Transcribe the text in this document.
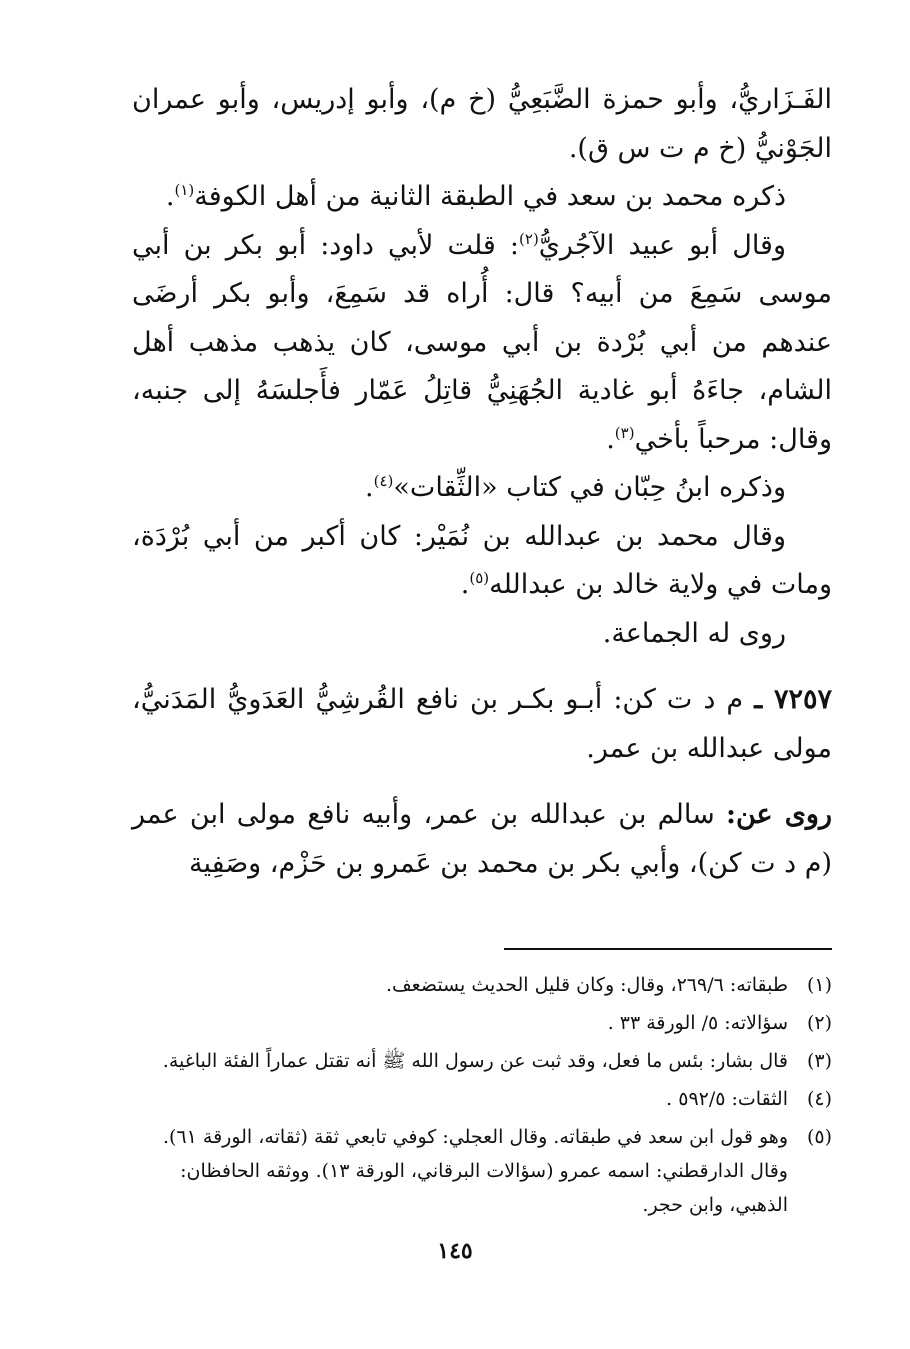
الفَـزَاريُّ، وأبو حمزة الضَّبَعِيُّ (خ م)، وأبو إدريس، وأبو عمران الجَوْنيُّ (خ م ت س ق).

ذكره محمد بن سعد في الطبقة الثانية من أهل الكوفة$^{(١)}$.

وقال أبو عبيد الآجُريُّ$^{(٢)}$: قلت لأبي داود: أبو بكر بن أبي موسى سَمِعَ من أبيه؟ قال: أُراه قد سَمِعَ، وأبو بكر أرضَى عندهم من أبي بُرْدة بن أبي موسى، كان يذهب مذهب أهل الشام، جاءَهُ أبو غادية الجُهَنِيُّ قاتِلُ عَمّار فأَجلسَهُ إلى جنبه، وقال: مرحباً بأخي$^{(٣)}$.

وذكره ابنُ حِبّان في كتاب «الثِّقات»$^{(٤)}$.

وقال محمد بن عبدالله بن نُمَيْر: كان أكبر من أبي بُرْدَة، ومات في ولاية خالد بن عبدالله$^{(٥)}$.

روى له الجماعة.

٧٢٥٧ ـ م د ت كن: أبـو بكـر بن نافع القُرشِيُّ العَدَويُّ المَدَنيُّ، مولى عبدالله بن عمر.

روى عن: سالم بن عبدالله بن عمر، وأبيه نافع مولى ابن عمر (م د ت كن)، وأبي بكر بن محمد بن عَمرو بن حَزْم، وصَفِية

(١)
طبقاته: ٢٦٩/٦، وقال: وكان قليل الحديث يستضعف.

(٢)
سؤالاته: ٥/ الورقة ٣٣ .

(٣)
قال بشار: بئس ما فعل، وقد ثبت عن رسول الله ﷺ أنه تقتل عماراً الفئة الباغية.

(٤)
الثقات: ٥٩٢/٥ .

(٥)
وهو قول ابن سعد في طبقاته. وقال العجلي: كوفي تابعي ثقة (ثقاته، الورقة ٦١). وقال الدارقطني: اسمه عمرو (سؤالات البرقاني، الورقة ١٣). ووثقه الحافظان: الذهبي، وابن حجر.

١٤٥
